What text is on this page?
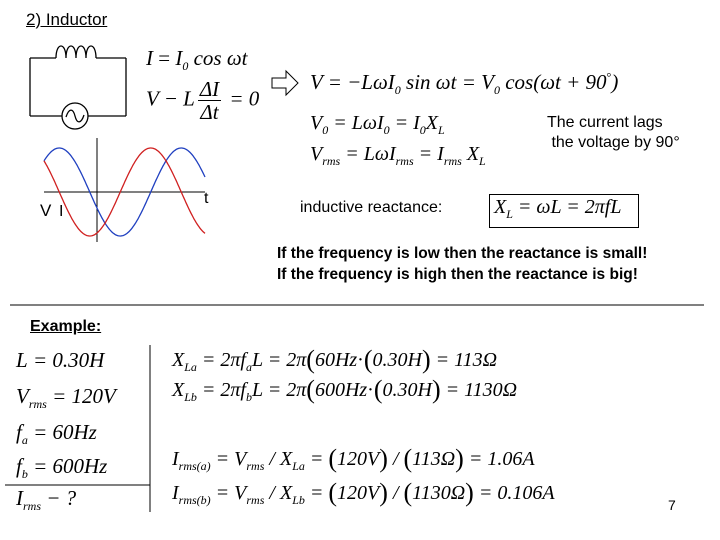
2) Inductor
V I
t
$I = I_0$ cos ωt
V − L $\frac{\Delta I}{\Delta t} = 0$
V = −LωI$_0$ $\sin \omega t = V_0$ cos(ωt + 90°)
$V_0 = L\omega I_0 = I_0X_L$
$V_{rms} = L\omega I_{rms} = I_{rms}$ $X_L$
The current lags
the voltage by 90°
inductive reactance:	$X_L = \omega L = 2\pi fL$
If the frequency is low then the reactance is small!
If the frequency is high then the reactance is big!
Example:
L = 0.30H
$V_{rms} = 120V$
$f_a = 60Hz$
$f_b = 600Hz$
$I_{rms}$ − ?
$X_{La} = 2\pi f_aL = 2\pi(60Hz\cdot(0.30H) = 113\Omega$
$X_{Lb} = 2\pi f_bL = 2\pi(600Hz\cdot(0.30H) = 1130\Omega$
$I_{rms(a)} = V_{rms} / X_{La} = (120V) / (113\Omega) = 1.06A$
$I_{rms(b)} = V_{rms} / X_{Lb} = (120V) / (1130\Omega) = 0.106A$
7
